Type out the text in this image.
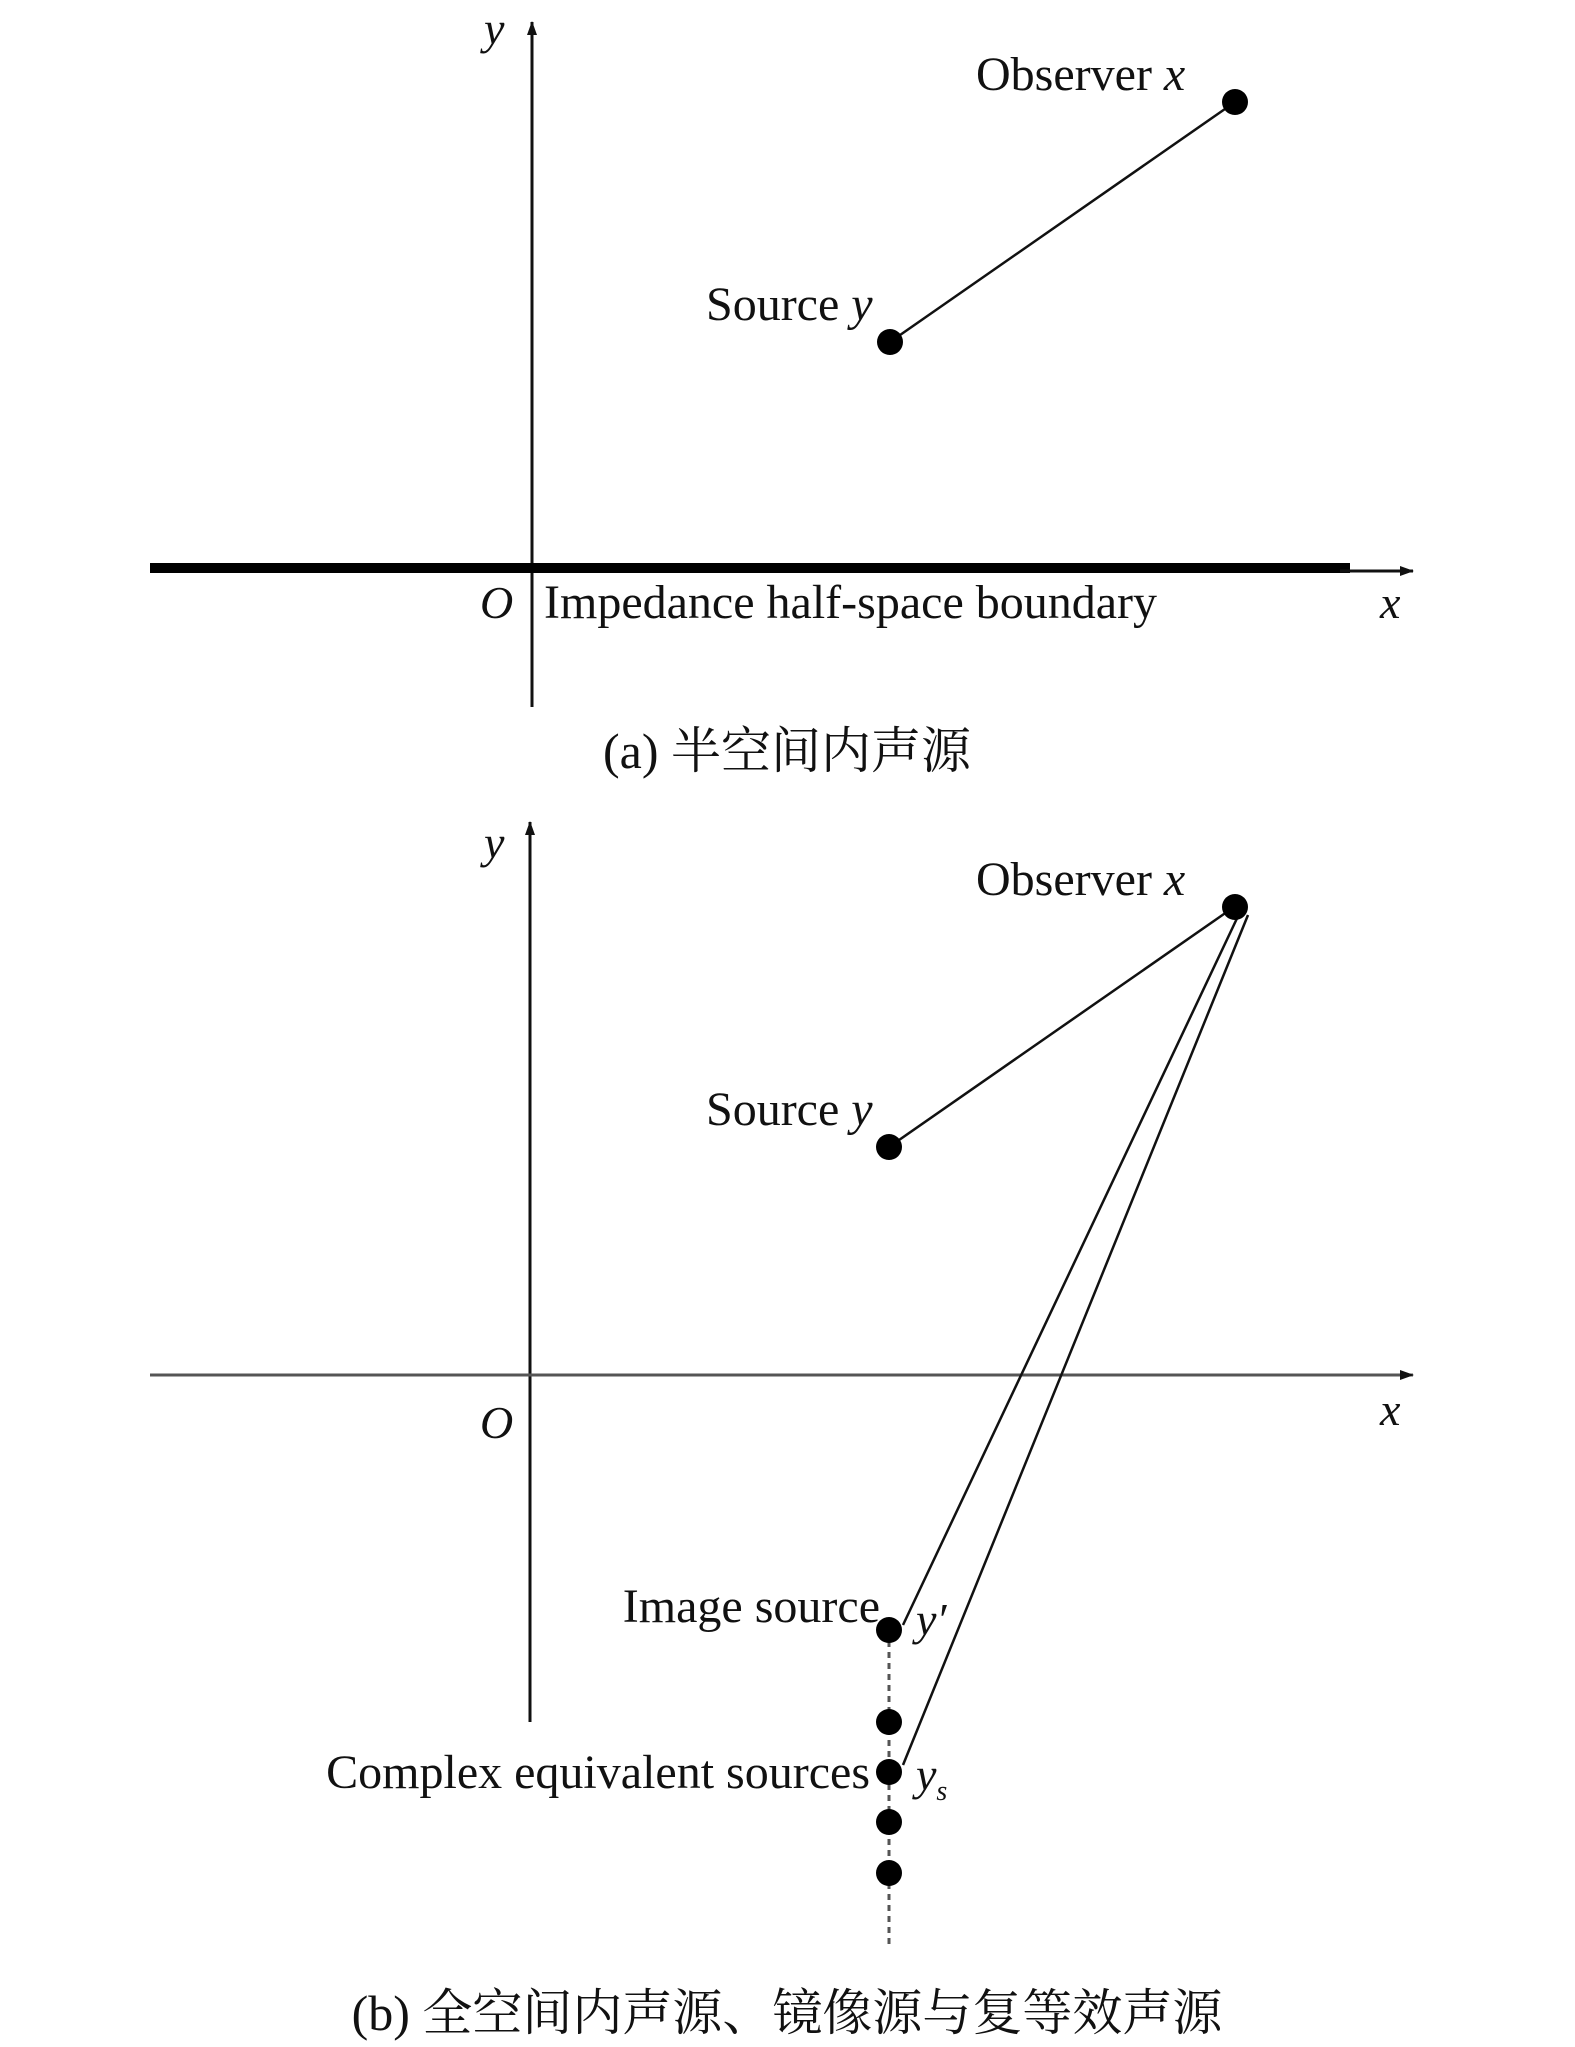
y
x
O Impedance half-space boundary
Observer x
Source y
(a) 半空间内声源
y
x
O
Observer x
Source y
Image source y′
Complex equivalent sources $y_s$
(b) 全空间内声源、镜像源与复等效声源
